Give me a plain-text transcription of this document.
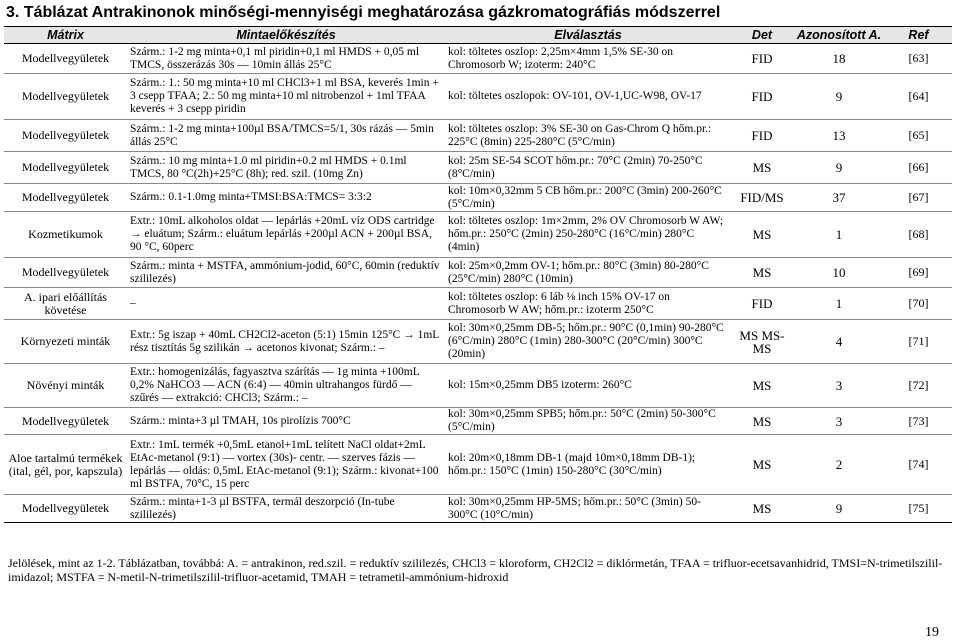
3. Táblázat Antrakinonok minőségi-mennyiségi meghatározása gázkromatográfiás módszerrel
Mátrix	Mintaelőkészítés	Elválasztás	Det	Azonosított A.	Ref
Modellvegyületek	Szárm.: 1-2 mg minta+0,1 ml piridin+0,1 ml HMDS + 0,05 ml TMCS, összerázás 30s — 10min állás 25°C	kol: töltetes oszlop: 2,25m×4mm 1,5% SE-30 on Chromosorb W; izoterm: 240°C	FID	18	[63]
Modellvegyületek	Szárm.: 1.: 50 mg minta+10 ml CHCl3+1 ml BSA, keverés 1min + 3 csepp TFAA; 2.: 50 mg minta+10 ml nitrobenzol + 1ml TFAA keverés + 3 csepp piridin	kol: töltetes oszlopok: OV-101, OV-1,UC-W98, OV-17	FID	9	[64]
Modellvegyületek	Szárm.: 1-2 mg minta+100µl BSA/TMCS=5/1, 30s rázás — 5min állás 25°C	kol: töltetes oszlop: 3% SE-30 on Gas-Chrom Q hőm.pr.: 225°C (8min) 225-280°C (5°C/min)	FID	13	[65]
Modellvegyületek	Szárm.: 10 mg minta+1.0 ml piridin+0.2 ml HMDS + 0.1ml TMCS, 80 °C(2h)+25°C (8h); red. szil. (10mg Zn)	kol: 25m SE-54 SCOT hőm.pr.: 70°C (2min) 70-250°C (8°C/min)	MS	9	[66]
Modellvegyületek	Szárm.: 0.1-1.0mg minta+TMSI:BSA:TMCS= 3:3:2	kol: 10m×0,32mm 5 CB hőm.pr.: 200°C (3min) 200-260°C (5°C/min)	FID/MS	37	[67]
Kozmetikumok	Extr.: 10mL alkoholos oldat — lepárlás +20mL víz ODS cartridge → eluátum; Szárm.: eluátum lepárlás +200µl ACN + 200µl BSA, 90 °C, 60perc	kol: töltetes oszlop: 1m×2mm, 2% OV Chromosorb W AW; hőm.pr.: 250°C (2min) 250-280°C (16°C/min) 280°C (4min)	MS	1	[68]
Modellvegyületek	Szárm.: minta + MSTFA, ammónium-jodid, 60°C, 60min (reduktív szililezés)	kol: 25m×0,2mm OV-1; hőm.pr.: 80°C (3min) 80-280°C (25°C/min) 280°C (10min)	MS	10	[69]
A. ipari előállítás követése	–	kol: töltetes oszlop: 6 láb ⅛ inch 15% OV-17 on Chromosorb W AW; hőm.pr.: izoterm 250°C	FID	1	[70]
Környezeti minták	Extr.: 5g iszap + 40mL CH2Cl2-aceton (5:1) 15min 125°C → 1mL rész tisztítás 5g szilikán → acetonos kivonat; Szárm.: –	kol: 30m×0,25mm DB-5; hőm.pr.: 90°C (0,1min) 90-280°C (6°C/min) 280°C (1min) 280-300°C (20°C/min) 300°C (20min)	MS MS-MS	4	[71]
Növényi minták	Extr.: homogenizálás, fagyasztva szárítás — 1g minta +100mL 0,2% NaHCO3 — ACN (6:4) — 40min ultrahangos fürdő — szűrés — extrakció: CHCl3; Szárm.: –	kol: 15m×0,25mm DB5 izoterm: 260°C	MS	3	[72]
Modellvegyületek	Szárm.: minta+3 µl TMAH, 10s pirolízis 700°C	kol: 30m×0,25mm SPB5; hőm.pr.: 50°C (2min) 50-300°C (5°C/min)	MS	3	[73]
Aloe tartalmú termékek (ital, gél, por, kapszula)	Extr.: 1mL termék +0,5mL etanol+1mL telített NaCl oldat+2mL EtAc-metanol (9:1) — vortex (30s)- centr. — szerves fázis — lepárlás — oldás: 0,5mL EtAc-metanol (9:1); Szárm.: kivonat+100 ml BSTFA, 70°C, 15 perc	kol: 20m×0,18mm DB-1 (majd 10m×0,18mm DB-1); hőm.pr.: 150°C (1min) 150-280°C (30°C/min)	MS	2	[74]
Modellvegyületek	Szárm.: minta+1-3 µl BSTFA, termál deszorpció (In-tube szililezés)	kol: 30m×0,25mm HP-5MS; hőm.pr.: 50°C (3min) 50-300°C (10°C/min)	MS	9	[75]
Jelölések, mint az 1-2. Táblázatban, továbbá: A. = antrakinon, red.szil. = reduktív szililezés, CHCl3 = kloroform, CH2Cl2 = diklórmetán, TFAA = trifluor-ecetsavanhidrid, TMSI=N-trimetilszilil-imidazol; MSTFA = N-metil-N-trimetilszilil-trifluor-acetamid, TMAH = tetrametil-ammónium-hidroxid
19
